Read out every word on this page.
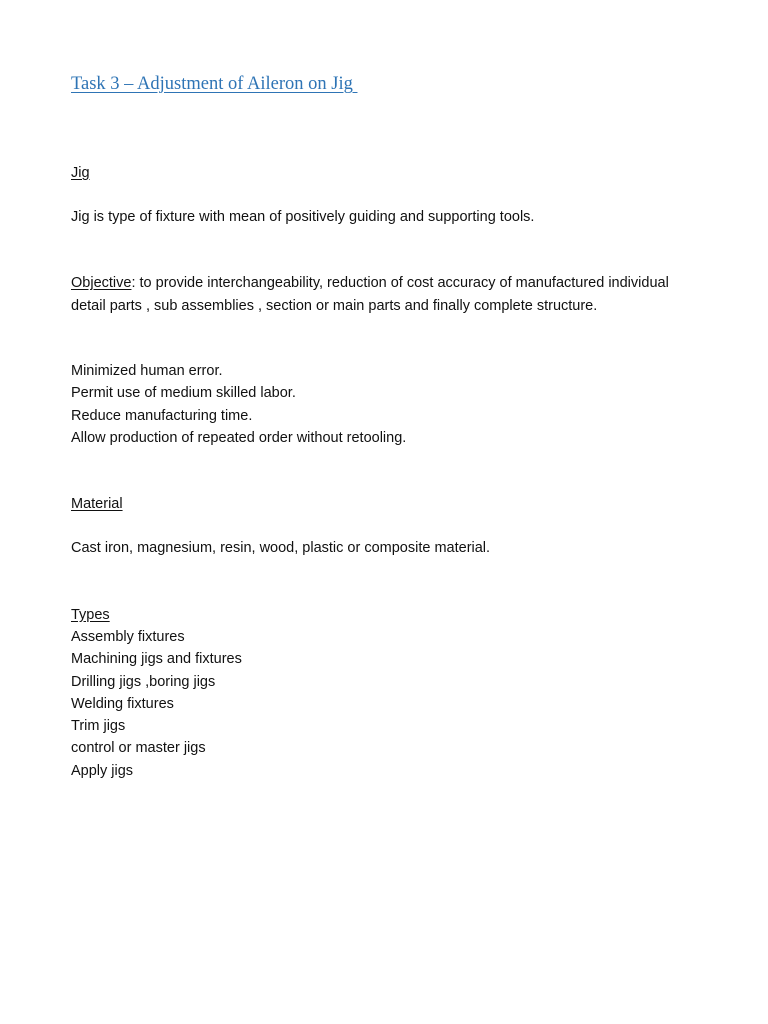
Task 3 – Adjustment of Aileron on Jig

Jig

Jig is type of fixture with mean of positively guiding and supporting tools.

Objective: to provide interchangeability, reduction of cost accuracy of manufactured individual detail parts , sub assemblies , section or main parts and finally complete structure.

Minimized human error.
Permit use of medium skilled labor.
Reduce manufacturing time.
Allow production of repeated order without retooling.

Material

Cast iron, magnesium, resin, wood, plastic or composite material.

Types

Assembly fixtures
Machining jigs and fixtures
Drilling jigs ,boring jigs
Welding fixtures
Trim jigs
control or master jigs
Apply jigs
